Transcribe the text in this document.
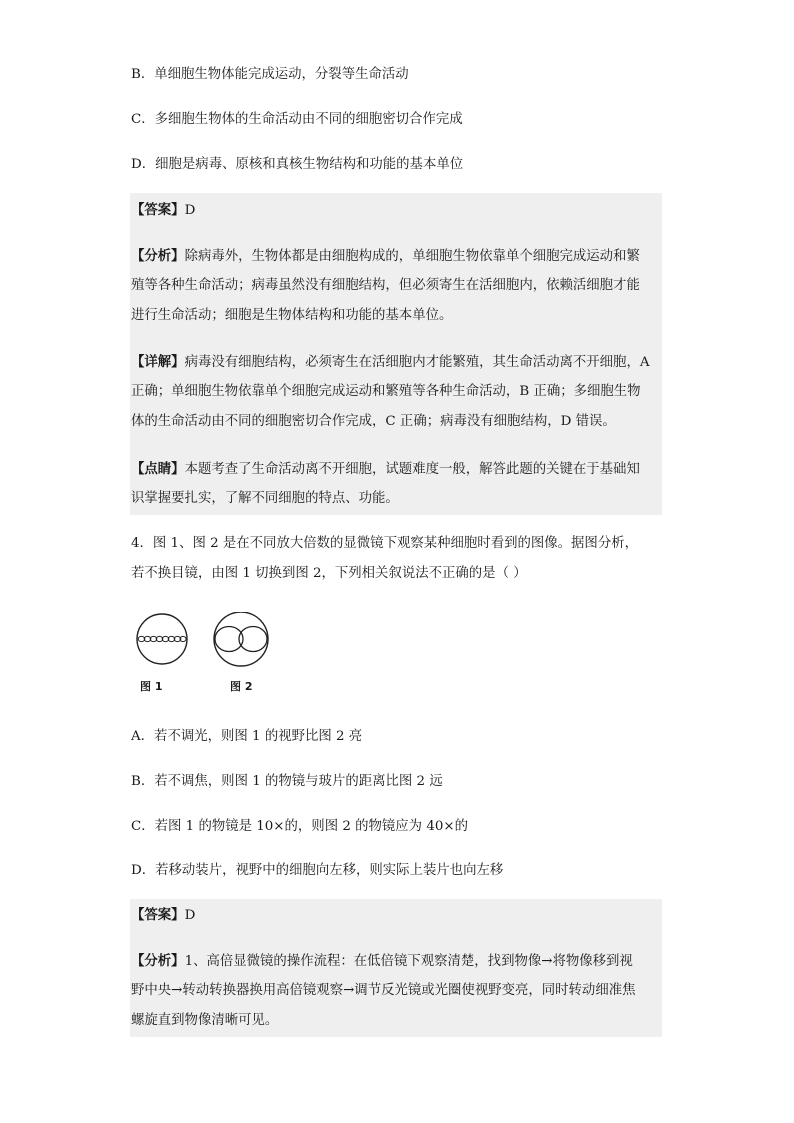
B．单细胞生物体能完成运动，分裂等生命活动
C．多细胞生物体的生命活动由不同的细胞密切合作完成
D．细胞是病毒、原核和真核生物结构和功能的基本单位
【答案】D
【分析】除病毒外，生物体都是由细胞构成的，单细胞生物依靠单个细胞完成运动和繁
殖等各种生命活动；病毒虽然没有细胞结构，但必须寄生在活细胞内，依赖活细胞才能
进行生命活动；细胞是生物体结构和功能的基本单位。
【详解】病毒没有细胞结构，必须寄生在活细胞内才能繁殖，其生命活动离不开细胞，A
正确；单细胞生物依靠单个细胞完成运动和繁殖等各种生命活动，B 正确；多细胞生物
体的生命活动由不同的细胞密切合作完成，C 正确；病毒没有细胞结构，D 错误。
【点睛】本题考查了生命活动离不开细胞，试题难度一般，解答此题的关键在于基础知
识掌握要扎实，了解不同细胞的特点、功能。
4．图 1、图 2 是在不同放大倍数的显微镜下观察某种细胞时看到的图像。据图分析，
若不换目镜，由图 1 切换到图 2，下列相关叙说法不正确的是（ ）
图 1	图 2
A．若不调光，则图 1 的视野比图 2 亮
B．若不调焦，则图 1 的物镜与玻片的距离比图 2 远
C．若图 1 的物镜是 10×的，则图 2 的物镜应为 40×的
D．若移动装片，视野中的细胞向左移，则实际上装片也向左移
【答案】D
【分析】1、高倍显微镜的操作流程：在低倍镜下观察清楚，找到物像→将物像移到视
野中央→转动转换器换用高倍镜观察→调节反光镜或光圈使视野变亮，同时转动细准焦
螺旋直到物像清晰可见。
